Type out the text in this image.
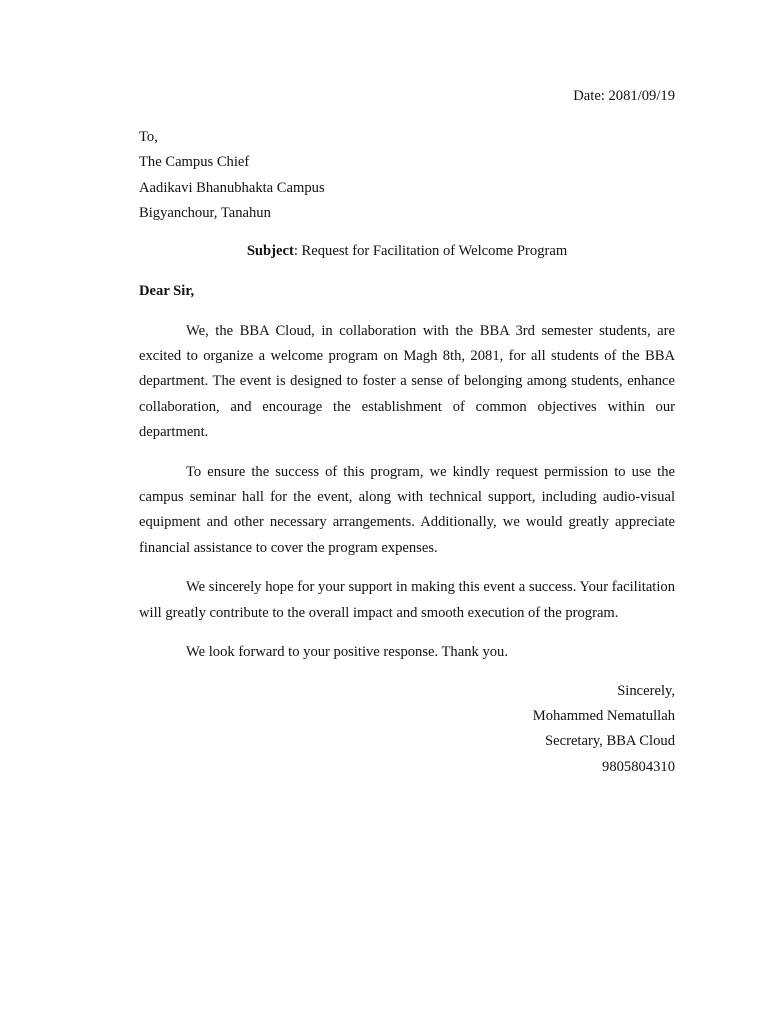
Date: 2081/09/19
To,
The Campus Chief
Aadikavi Bhanubhakta Campus
Bigyanchour, Tanahun
Subject: Request for Facilitation of Welcome Program
Dear Sir,

We, the BBA Cloud, in collaboration with the BBA 3rd semester students, are excited to organize a welcome program on Magh 8th, 2081, for all students of the BBA department. The event is designed to foster a sense of belonging among students, enhance collaboration, and encourage the establishment of common objectives within our department.

To ensure the success of this program, we kindly request permission to use the campus seminar hall for the event, along with technical support, including audio-visual equipment and other necessary arrangements. Additionally, we would greatly appreciate financial assistance to cover the program expenses.

We sincerely hope for your support in making this event a success. Your facilitation will greatly contribute to the overall impact and smooth execution of the program.

We look forward to your positive response. Thank you.

Sincerely,
Mohammed Nematullah
Secretary, BBA Cloud
9805804310
